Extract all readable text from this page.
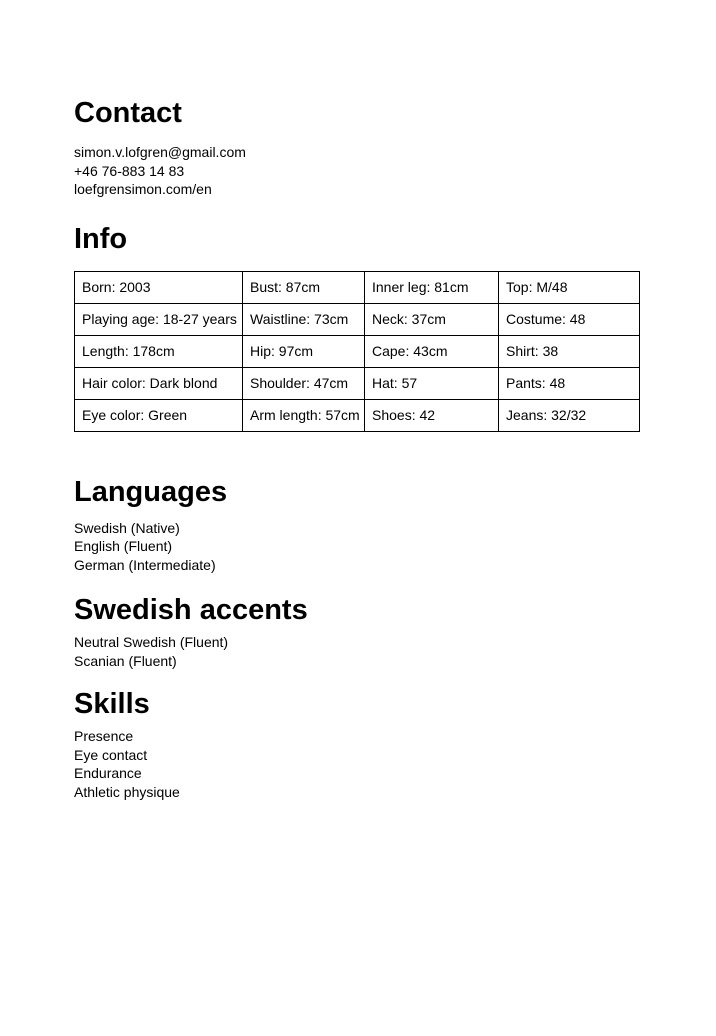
Contact
simon.v.lofgren@gmail.com
+46 76-883 14 83
loefgrensimon.com/en
Info
Born: 2003	Bust: 87cm	Inner leg: 81cm	Top: M/48
Playing age: 18-27 years	Waistline: 73cm	Neck: 37cm	Costume: 48
Length: 178cm	Hip: 97cm	Cape: 43cm	Shirt: 38
Hair color: Dark blond	Shoulder: 47cm	Hat: 57	Pants: 48
Eye color: Green	Arm length: 57cm	Shoes: 42	Jeans: 32/32
Languages
Swedish (Native)
English (Fluent)
German (Intermediate)
Swedish accents
Neutral Swedish (Fluent)
Scanian (Fluent)
Skills
Presence
Eye contact
Endurance
Athletic physique
